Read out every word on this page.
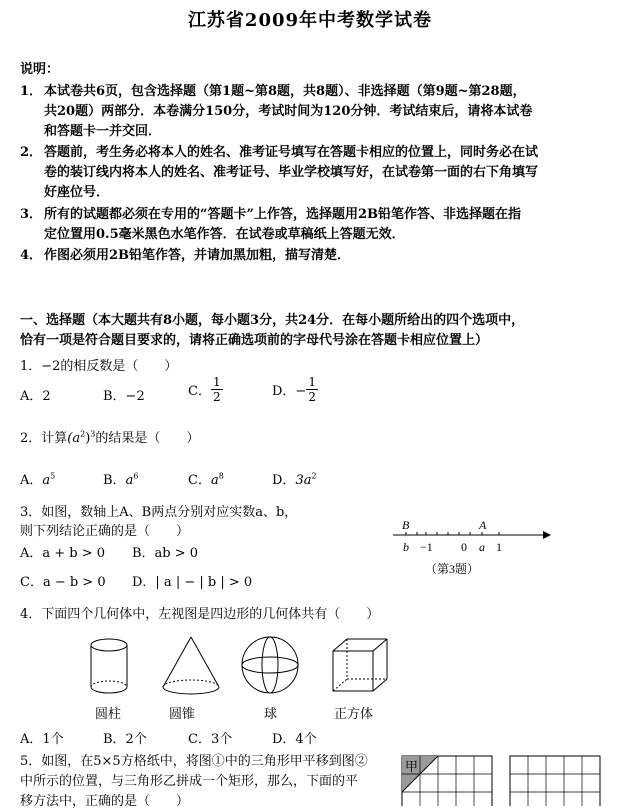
江苏省2009年中考数学试卷
说明：
1． 本试卷共6页，包含选择题（第1题~第8题，共8题）、非选择题（第9题~第28题，
共20题）两部分．本卷满分150分，考试时间为120分钟．考试结束后，请将本试卷
和答题卡一并交回．
2． 答题前，考生务必将本人的姓名、准考证号填写在答题卡相应的位置上，同时务必在试
卷的装订线内将本人的姓名、准考证号、毕业学校填写好，在试卷第一面的右下角填写
好座位号．
3． 所有的试题都必须在专用的“答题卡”上作答，选择题用2B铅笔作答、非选择题在指
定位置用0.5毫米黑色水笔作答．在试卷或草稿纸上答题无效．
4． 作图必须用2B铅笔作答，并请加黑加粗，描写清楚．
一、选择题（本大题共有8小题，每小题3分，共24分．在每小题所给出的四个选项中，
恰有一项是符合题目要求的，请将正确选项前的字母代号涂在答题卡相应位置上）
1．−2的相反数是（　　）
A．2	B．−2	C． $\frac{1}{2}$	D．− $\frac{1}{2}$
2．计算$(a^2)^3$的结果是（　　）
A．$a^5$	B．$a^6$	C．$a^8$	D．$3a^2$
3．如图，数轴上A、B两点分别对应实数a、b，
则下列结论正确的是（　　）
A．a + b > 0 B．ab > 0
C．a − b > 0 D．| a | − | b | > 0
B	A
b −1 0 a 1
（第3题）
4．下面四个几何体中，左视图是四边形的几何体共有（　　）
圆柱	圆锥	球	正方体
A．1个	B．2个	C．3个	D．4个
5．如图，在5×5方格纸中，将图①中的三角形甲平移到图②
中所示的位置，与三角形乙拼成一个矩形，那么，下面的平
移方法中，正确的是（　　）
甲
